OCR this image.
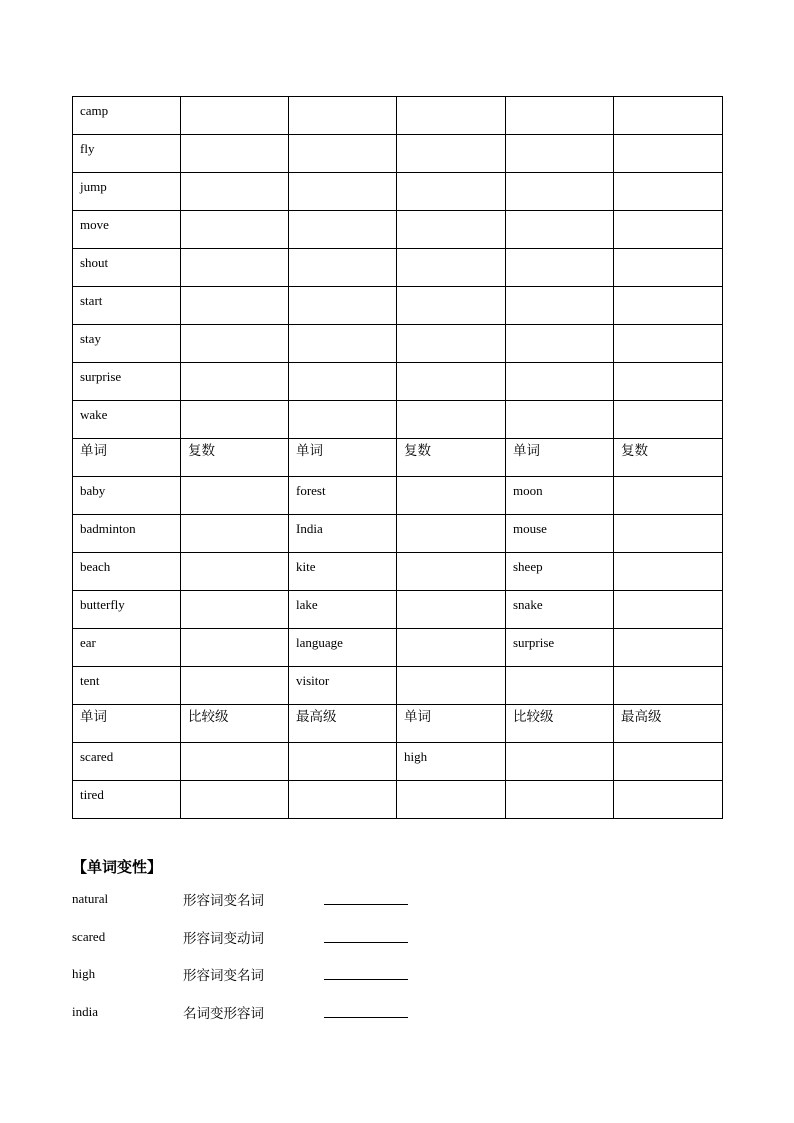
camp					

fly					

jump					

move					

shout					

start					

stay					

surprise					

wake					

单词	复数	单词	复数	单词	复数

baby		forest		moon	

badminton		India		mouse	

beach		kite		sheep	

butterfly		lake		snake	

ear		language		surprise	

tent		visitor			

单词	比较级	最高级	单词	比较级	最高级

scared			high		

tired					

【单词变性】
natural	形容词变名词
scared	形容词变动词
high	形容词变名词
india	名词变形容词
